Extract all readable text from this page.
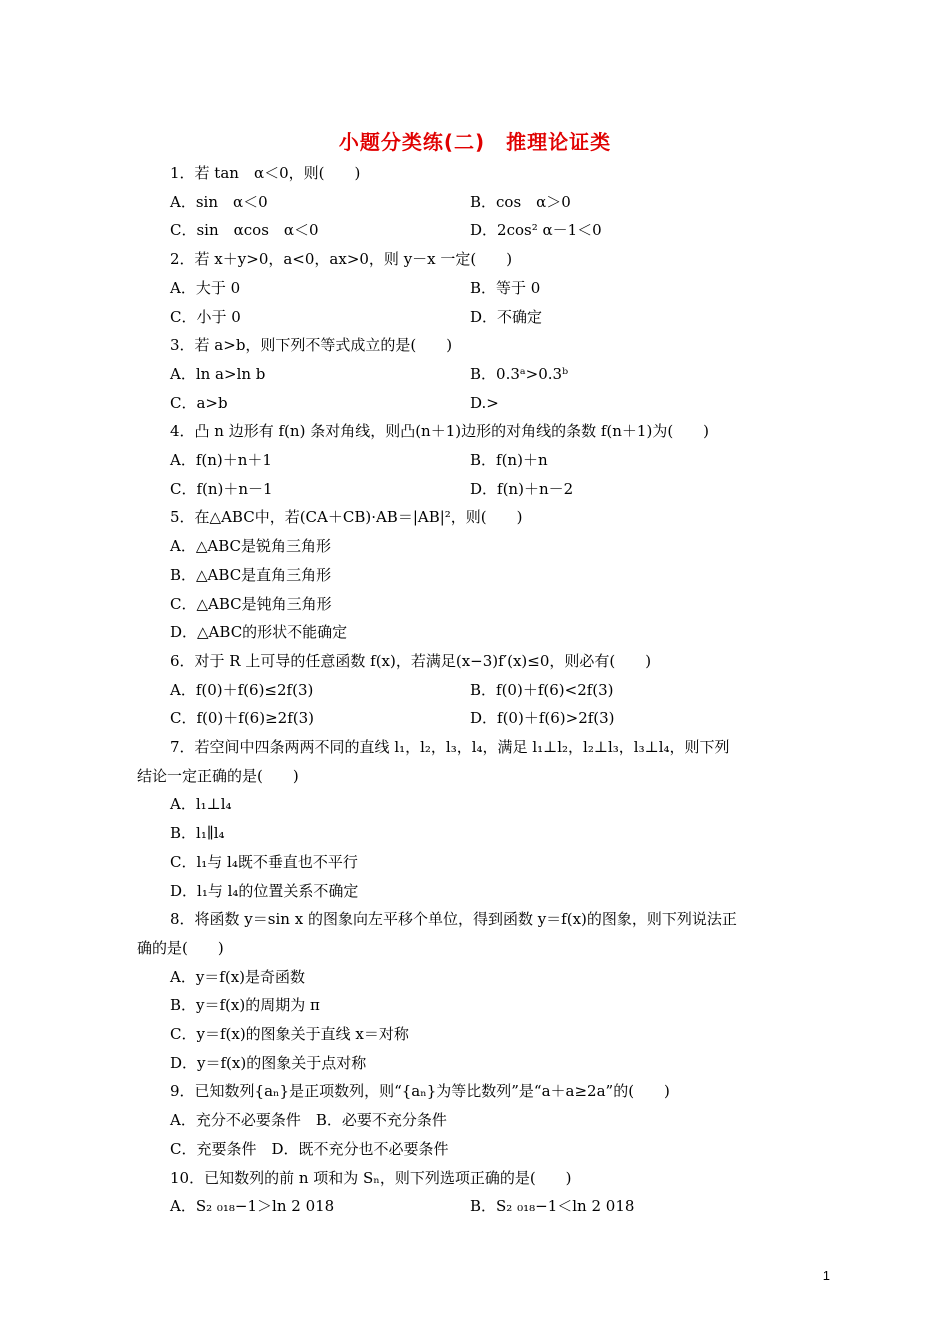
小题分类练(二)　推理论证类
1．若 tan　α＜0，则(　　)
A．sin　α＜0	B．cos　α＞0
C．sin　αcos　α＜0	D．2cos² α－1＜0
2．若 x＋y>0，a<0，ax>0，则 y－x 一定(　　)
A．大于 0	B．等于 0
C．小于 0	D．不确定
3．若 a>b，则下列不等式成立的是(　　)
A．ln a>ln b	B．0.3ᵃ>0.3ᵇ
C．a>b	D.>
4．凸 n 边形有 f(n) 条对角线，则凸(n＋1)边形的对角线的条数 f(n＋1)为(　　)
A．f(n)＋n＋1	B．f(n)＋n
C．f(n)＋n－1	D．f(n)＋n－2
5．在△ABC中，若(CA＋CB)·AB＝|AB|²，则(　　)
A．△ABC是锐角三角形
B．△ABC是直角三角形
C．△ABC是钝角三角形
D．△ABC的形状不能确定
6．对于 R 上可导的任意函数 f(x)，若满足(x−3)f′(x)≤0，则必有(　　)
A．f(0)＋f(6)≤2f(3)	B．f(0)＋f(6)<2f(3)
C．f(0)＋f(6)≥2f(3)	D．f(0)＋f(6)>2f(3)
7．若空间中四条两两不同的直线 l₁，l₂，l₃，l₄，满足 l₁⊥l₂，l₂⊥l₃，l₃⊥l₄，则下列
结论一定正确的是(　　)
A．l₁⊥l₄
B．l₁∥l₄
C．l₁与 l₄既不垂直也不平行
D．l₁与 l₄的位置关系不确定
8．将函数 y＝sin x 的图象向左平移个单位，得到函数 y＝f(x)的图象，则下列说法正
确的是(　　)
A．y＝f(x)是奇函数
B．y＝f(x)的周期为 π
C．y＝f(x)的图象关于直线 x＝对称
D．y＝f(x)的图象关于点对称
9．已知数列{aₙ}是正项数列，则“{aₙ}为等比数列”是“a＋a≥2a”的(　　)
A．充分不必要条件　B．必要不充分条件
C．充要条件　D．既不充分也不必要条件
10．已知数列的前 n 项和为 Sₙ，则下列选项正确的是(　　)
A．S₂ ₀₁₈−1＞ln 2 018	B．S₂ ₀₁₈−1＜ln 2 018
1
